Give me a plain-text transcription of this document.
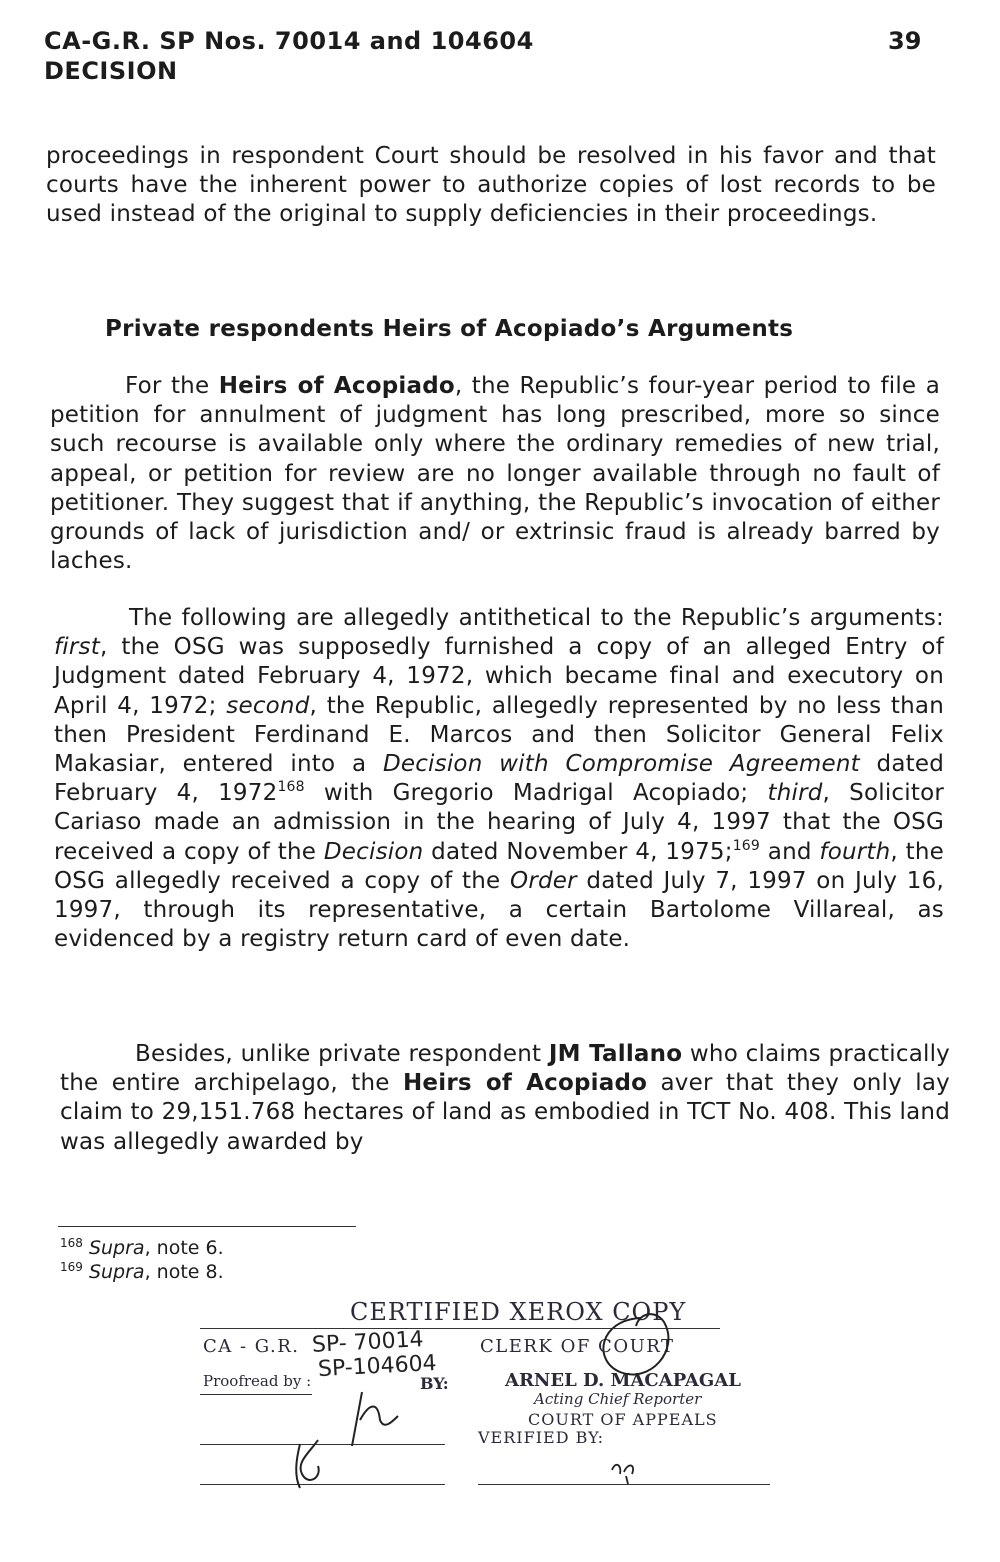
CA-G.R. SP Nos. 70014 and 104604
DECISION
39
proceedings in respondent Court should be resolved in his favor and that courts have the inherent power to authorize copies of lost records to be used instead of the original to supply deficiencies in their proceedings.
Private respondents Heirs of Acopiado’s Arguments
For the Heirs of Acopiado, the Republic’s four-year period to file a petition for annulment of judgment has long prescribed, more so since such recourse is available only where the ordinary remedies of new trial, appeal, or petition for review are no longer available through no fault of petitioner. They suggest that if anything, the Republic’s invocation of either grounds of lack of jurisdiction and/ or extrinsic fraud is already barred by laches.
The following are allegedly antithetical to the Republic’s arguments: first, the OSG was supposedly furnished a copy of an alleged Entry of Judgment dated February 4, 1972, which became final and executory on April 4, 1972; second, the Republic, allegedly represented by no less than then President Ferdinand E. Marcos and then Solicitor General Felix Makasiar, entered into a Decision with Compromise Agreement dated February 4, 1972$^{168}$ with Gregorio Madrigal Acopiado; third, Solicitor Cariaso made an admission in the hearing of July 4, 1997 that the OSG received a copy of the Decision dated November 4, 1975;$^{169}$ and fourth, the OSG allegedly received a copy of the Order dated July 7, 1997 on July 16, 1997, through its representative, a certain Bartolome Villareal, as evidenced by a registry return card of even date.
Besides, unlike private respondent JM Tallano who claims practically the entire archipelago, the Heirs of Acopiado aver that they only lay claim to 29,151.768 hectares of land as embodied in TCT No. 408. This land was allegedly awarded by
$^{168}$ Supra, note 6.
$^{169}$ Supra, note 8.
CERTIFIED XEROX COPY
CA - G.R. SP- 70014
SP-104604
CLERK OF COURT
Proofread by :	BY:	ARNEL D. MACAPAGAL
Acting Chief Reporter
COURT OF APPEALS
VERIFIED BY:
